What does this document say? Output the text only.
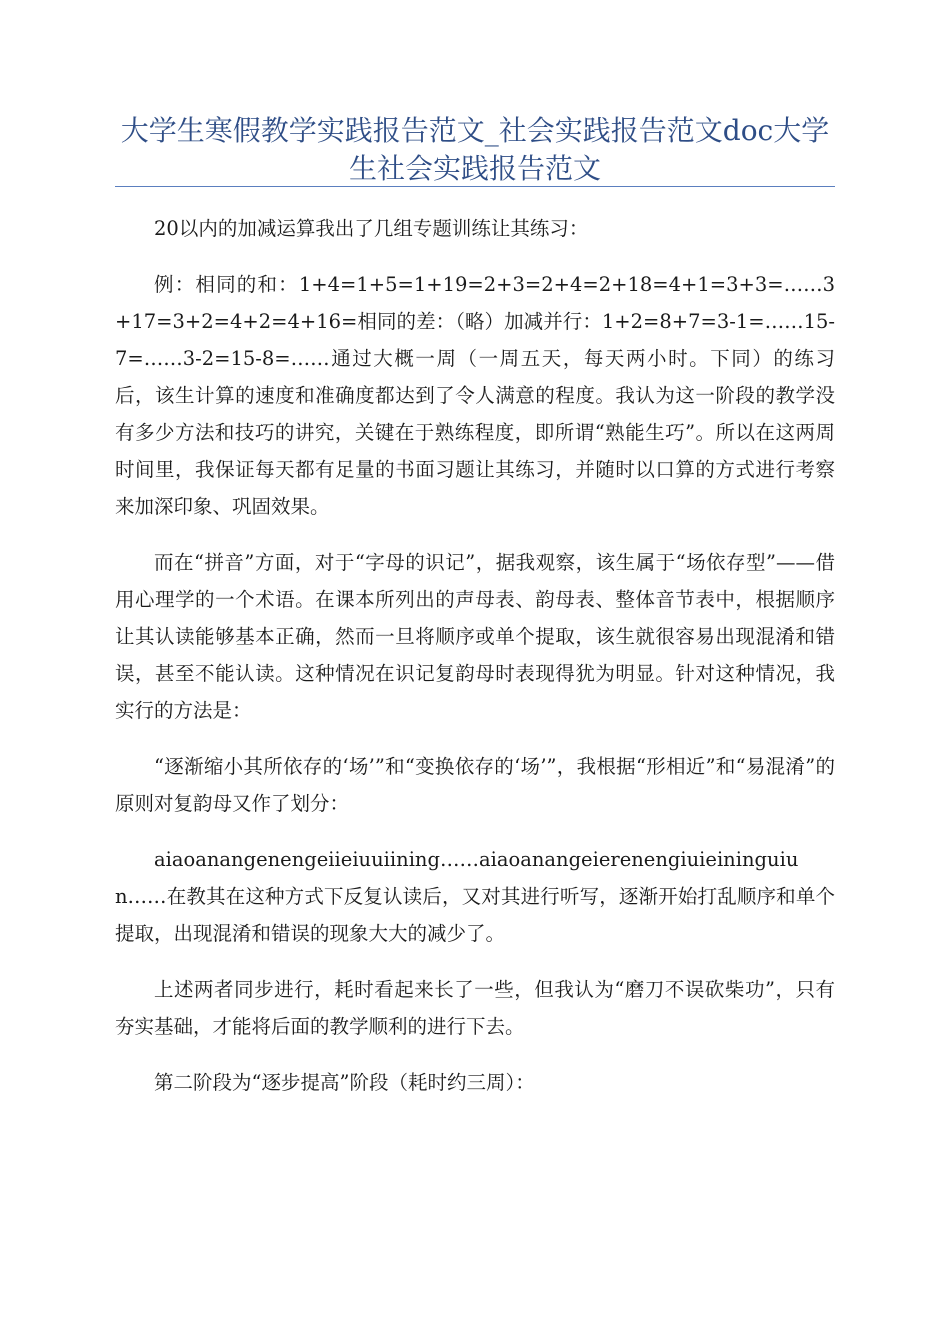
大学生寒假教学实践报告范文_社会实践报告范文doc大学生社会实践报告范文

20以内的加减运算我出了几组专题训练让其练习：

例：相同的和：1+4=1+5=1+19=2+3=2+4=2+18=4+1=3+3=……3+17=3+2=4+2=4+16=相同的差：（略）加减并行：1+2=8+7=3-1=……15-7=……3-2=15-8=……通过大概一周（一周五天，每天两小时。下同）的练习后，该生计算的速度和准确度都达到了令人满意的程度。我认为这一阶段的教学没有多少方法和技巧的讲究，关键在于熟练程度，即所谓“熟能生巧”。所以在这两周时间里，我保证每天都有足量的书面习题让其练习，并随时以口算的方式进行考察来加深印象、巩固效果。

而在“拼音”方面，对于“字母的识记”，据我观察，该生属于“场依存型”——借用心理学的一个术语。在课本所列出的声母表、韵母表、整体音节表中，根据顺序让其认读能够基本正确，然而一旦将顺序或单个提取，该生就很容易出现混淆和错误，甚至不能认读。这种情况在识记复韵母时表现得犹为明显。针对这种情况，我实行的方法是：

“逐渐缩小其所依存的‘场’”和“变换依存的‘场’”，我根据“形相近”和“易混淆”的原则对复韵母又作了划分：

aiaoanangenengeiieiuuiining……aiaoanangeierenengiuieininguiun……在教其在这种方式下反复认读后，又对其进行听写，逐渐开始打乱顺序和单个提取，出现混淆和错误的现象大大的减少了。

上述两者同步进行，耗时看起来长了一些，但我认为“磨刀不误砍柴功”，只有夯实基础，才能将后面的教学顺利的进行下去。

第二阶段为“逐步提高”阶段（耗时约三周）：
